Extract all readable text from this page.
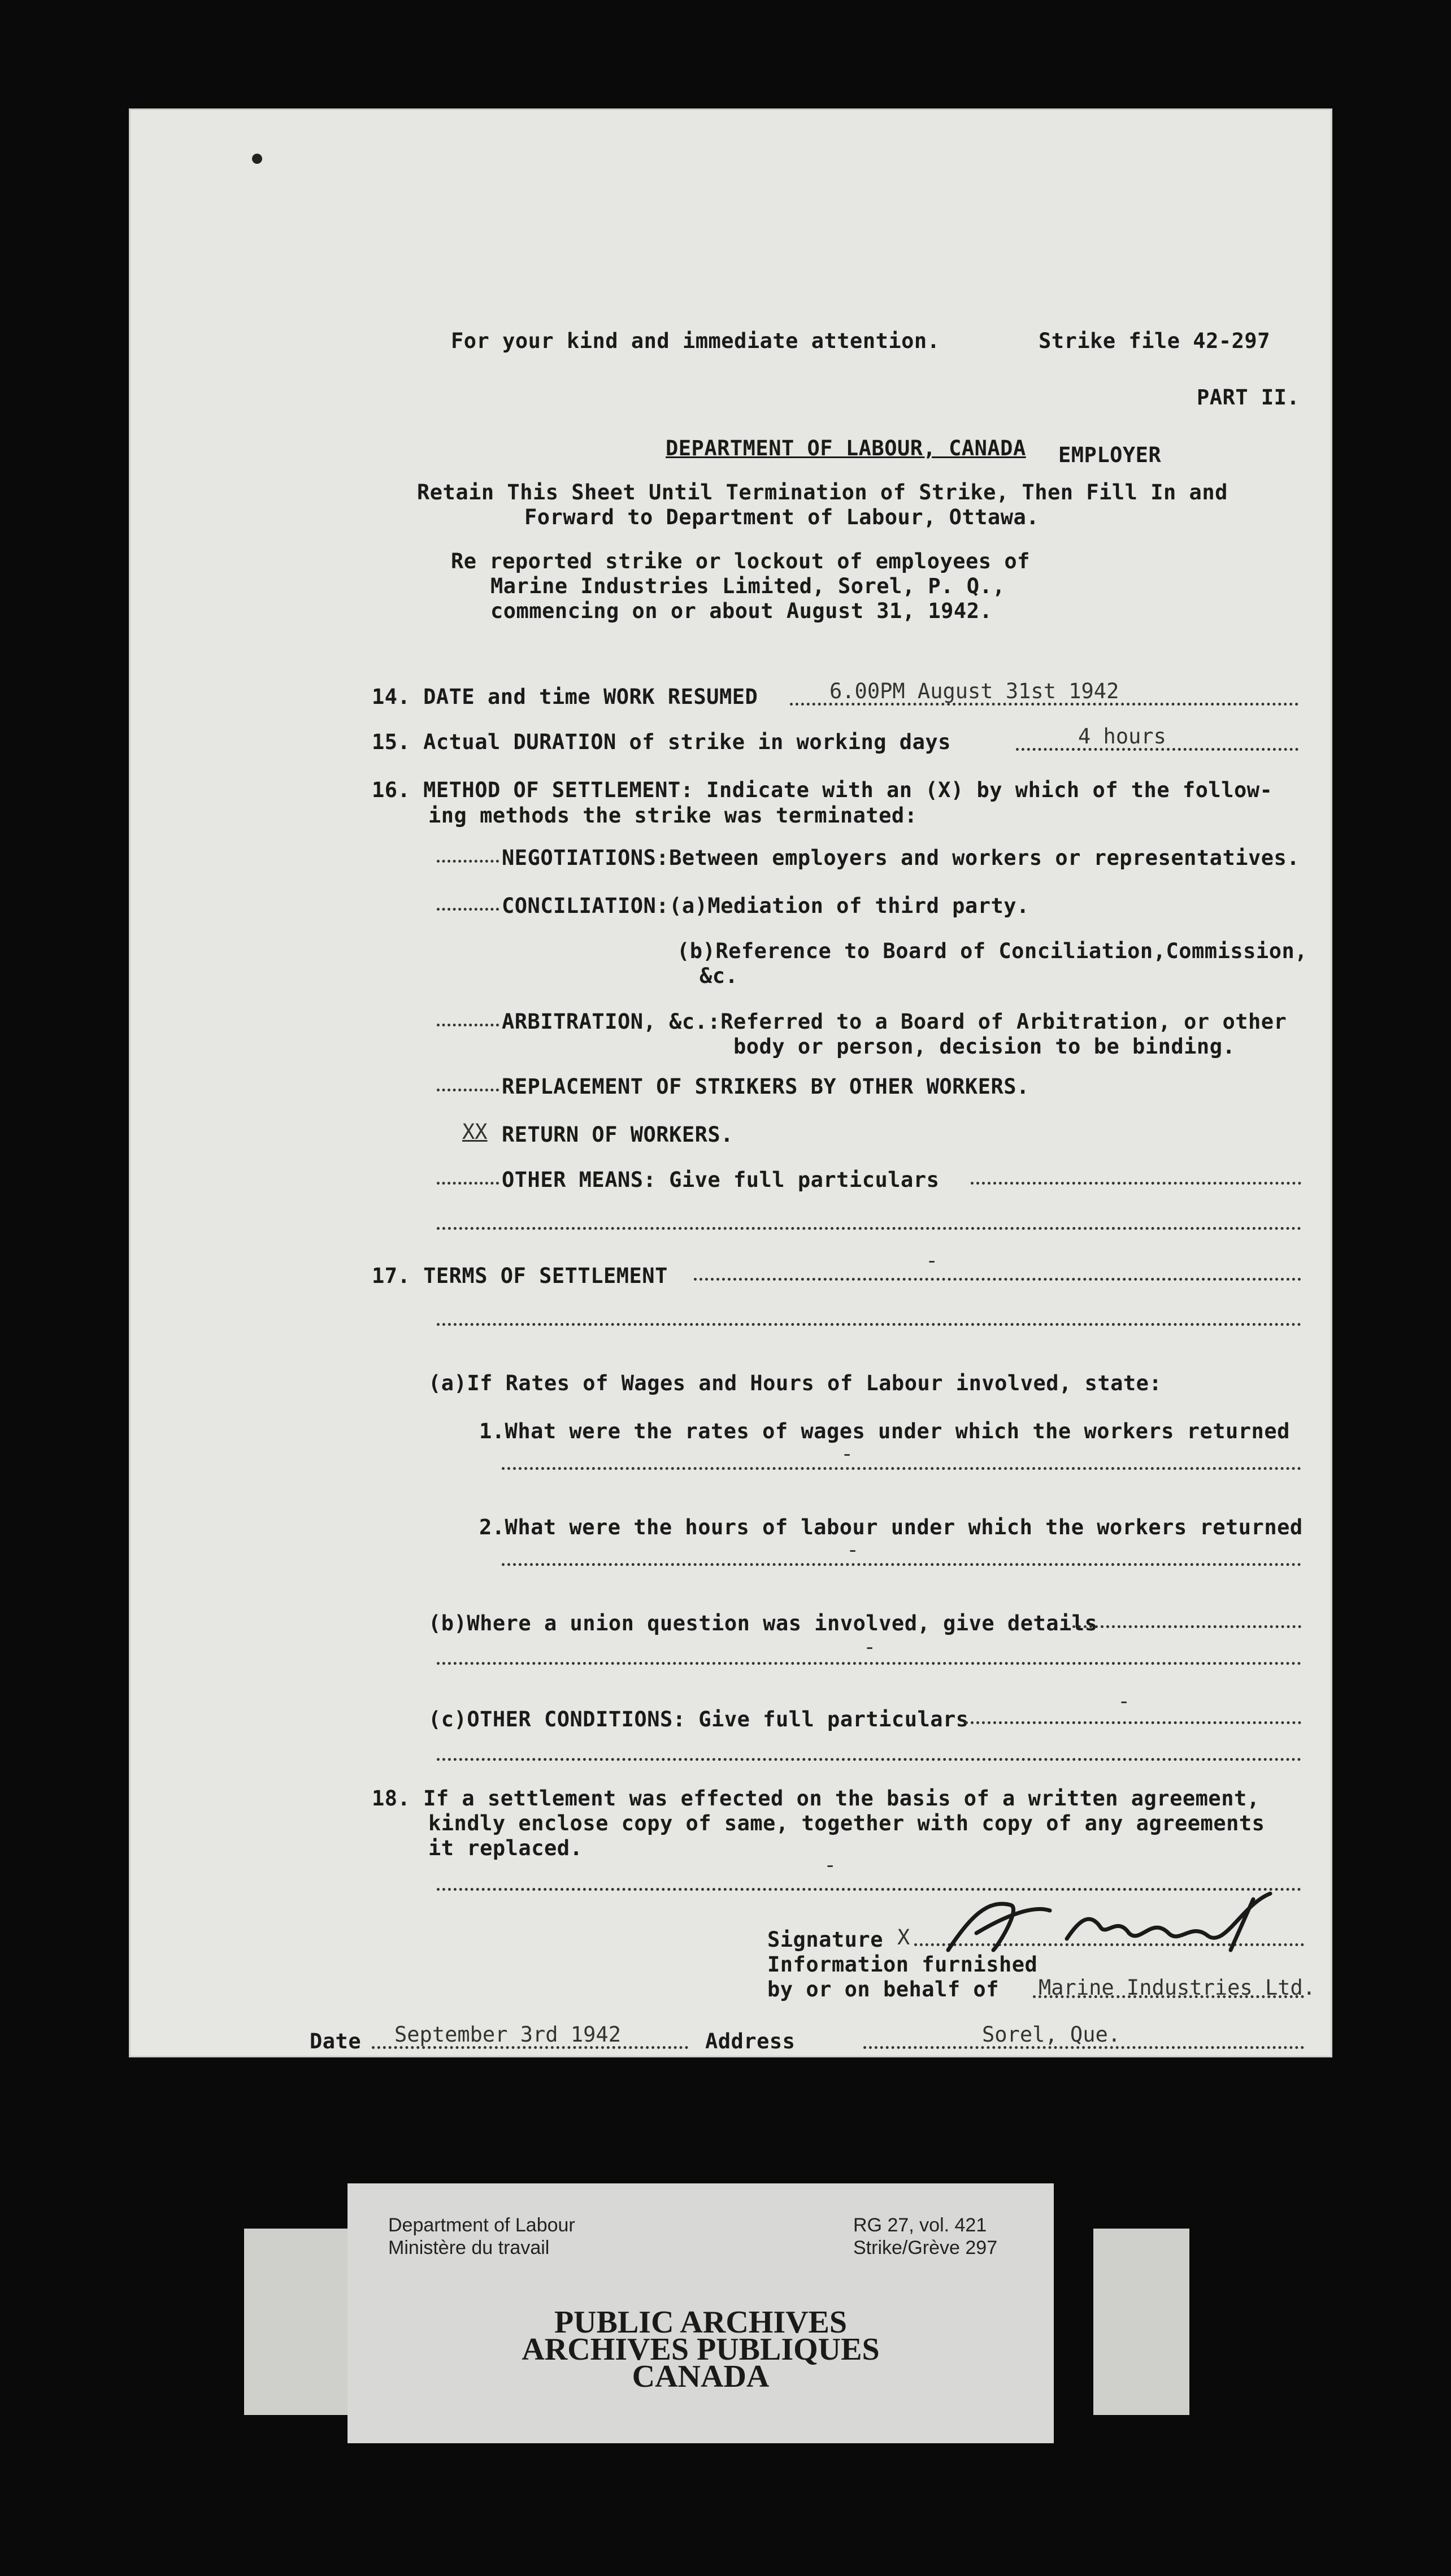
For your kind and immediate attention.	Strike file 42-297
PART II.
DEPARTMENT OF LABOUR, CANADA EMPLOYER
Retain This Sheet Until Termination of Strike, Then Fill In and
Forward to Department of Labour, Ottawa.
Re reported strike or lockout of employees of
Marine Industries Limited, Sorel, P. Q.,
commencing on or about August 31, 1942.
14. DATE and time WORK RESUMED	6.00PM August 31st 1942
15. Actual DURATION of strike in working days	4 hours
16. METHOD OF SETTLEMENT: Indicate with an (X) by which of the follow-
ing methods the strike was terminated:
NEGOTIATIONS:Between employers and workers or representatives.
CONCILIATION:(a)Mediation of third party.
(b)Reference to Board of Conciliation,Commission,
&c.
ARBITRATION, &c.:Referred to a Board of Arbitration, or other
body or person, decision to be binding.
REPLACEMENT OF STRIKERS BY OTHER WORKERS.
XX RETURN OF WORKERS.
OTHER MEANS: Give full particulars
17. TERMS OF SETTLEMENT
-
(a)If Rates of Wages and Hours of Labour involved, state:
1.What were the rates of wages under which the workers returned
-
2.What were the hours of labour under which the workers returned
-
(b)Where a union question was involved, give details
-
(c)OTHER CONDITIONS: Give full particulars
-
18. If a settlement was effected on the basis of a written agreement,
kindly enclose copy of same, together with copy of any agreements
it replaced.
-
Signature X
Information furnished
by or on behalf of Marine Industries Ltd.
Date September 3rd 1942	Address	Sorel, Que.
Department of Labour
Ministère du travail
RG 27, vol. 421
Strike/Grève 297
PUBLIC ARCHIVES
ARCHIVES PUBLIQUES
CANADA
